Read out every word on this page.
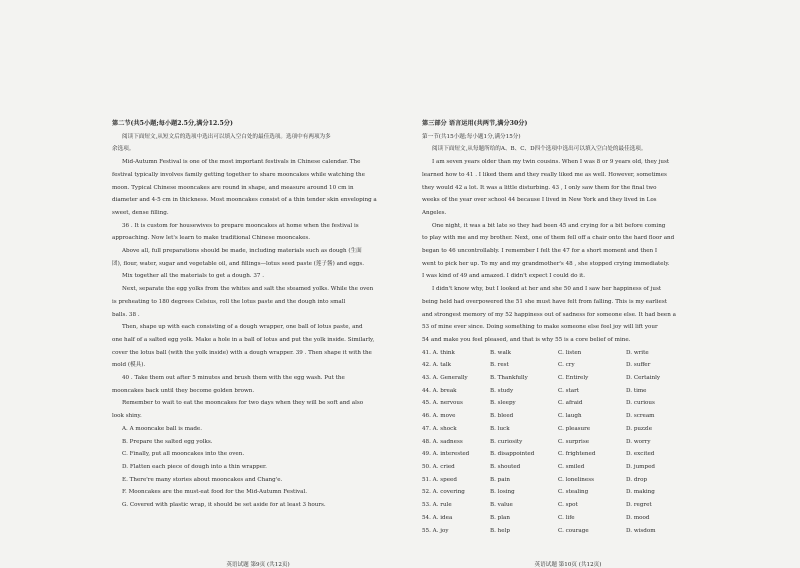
第二节(共5小题;每小题2.5分,满分12.5分)
阅读下面短文,从短文后的选项中选出可以填入空白处的最佳选项。选项中有两项为多
余选项。
Mid-Autumn Festival is one of the most important festivals in Chinese calendar. The
festival typically involves family getting together to share mooncakes while watching the
moon. Typical Chinese mooncakes are round in shape, and measure around 10 cm in
diameter and 4-5 cm in thickness. Most mooncakes consist of a thin tender skin enveloping a
sweet, dense filling.
36 . It is custom for housewives to prepare mooncakes at home when the festival is
approaching. Now let's learn to make traditional Chinese mooncakes.
Above all, full preparations should be made, including materials such as dough (生面
团), flour, water, sugar and vegetable oil, and fillings—lotus seed paste (莲子酱) and eggs.
Mix together all the materials to get a dough. 37 .
Next, separate the egg yolks from the whites and salt the steamed yolks. While the oven
is preheating to 180 degrees Celsius, roll the lotus paste and the dough into small
balls. 38 .
Then, shape up with each consisting of a dough wrapper, one ball of lotus paste, and
one half of a salted egg yolk. Make a hole in a ball of lotus and put the yolk inside. Similarly,
cover the lotus ball (with the yolk inside) with a dough wrapper. 39 . Then shape it with the
mold (模具).
40 . Take them out after 5 minutes and brush them with the egg wash. Put the
mooncakes back until they become golden brown.
Remember to wait to eat the mooncakes for two days when they will be soft and also
look shiny.
A. A mooncake ball is made.
B. Prepare the salted egg yolks.
C. Finally, put all mooncakes into the oven.
D. Flatten each piece of dough into a thin wrapper.
E. There're many stories about mooncakes and Chang'e.
F. Mooncakes are the must-eat food for the Mid-Autumn Festival.
G. Covered with plastic wrap, it should be set aside for at least 3 hours.
英语试题 第9页 (共12页)
第三部分 语言运用(共两节,满分30分)
第一节(共15小题;每小题1分,满分15分)
阅读下面短文,从每题所给的A、B、C、D四个选项中选出可以填入空白处的最佳选项。
I am seven years older than my twin cousins. When I was 8 or 9 years old, they just
learned how to 41 . I liked them and they really liked me as well. However, sometimes
they would 42 a lot. It was a little disturbing. 43 , I only saw them for the final two
weeks of the year over school 44 because I lived in New York and they lived in Los
Angeles.
One night, it was a bit late so they had been 45 and crying for a bit before coming
to play with me and my brother. Next, one of them fell off a chair onto the hard floor and
began to 46 uncontrollably. I remember I felt the 47 for a short moment and then I
went to pick her up. To my and my grandmother's 48 , she stopped crying immediately.
I was kind of 49 and amazed. I didn't expect I could do it.
I didn't know why, but I looked at her and she 50 and I saw her happiness of just
being held had overpowered the 51 she must have felt from falling. This is my earliest
and strongest memory of my 52 happiness out of sadness for someone else. It had been a
53 of mine ever since. Doing something to make someone else feel joy will lift your
54 and make you feel pleased, and that is why 55 is a core belief of mine.
41. A. think	B. walk	C. listen	D. write
42. A. talk	B. rest	C. cry	D. suffer
43. A. Generally	B. Thankfully	C. Entirely	D. Certainly
44. A. break	B. study	C. start	D. time
45. A. nervous	B. sleepy	C. afraid	D. curious
46. A. move	B. bleed	C. laugh	D. scream
47. A. shock	B. luck	C. pleasure	D. puzzle
48. A. sadness	B. curiosity	C. surprise	D. worry
49. A. interested	B. disappointed	C. frightened	D. excited
50. A. cried	B. shouted	C. smiled	D. jumped
51. A. speed	B. pain	C. loneliness	D. drop
52. A. covering	B. losing	C. stealing	D. making
53. A. rule	B. value	C. spot	D. regret
54. A. idea	B. plan	C. life	D. mood
55. A. joy	B. help	C. courage	D. wisdom
英语试题 第10页 (共12页)
